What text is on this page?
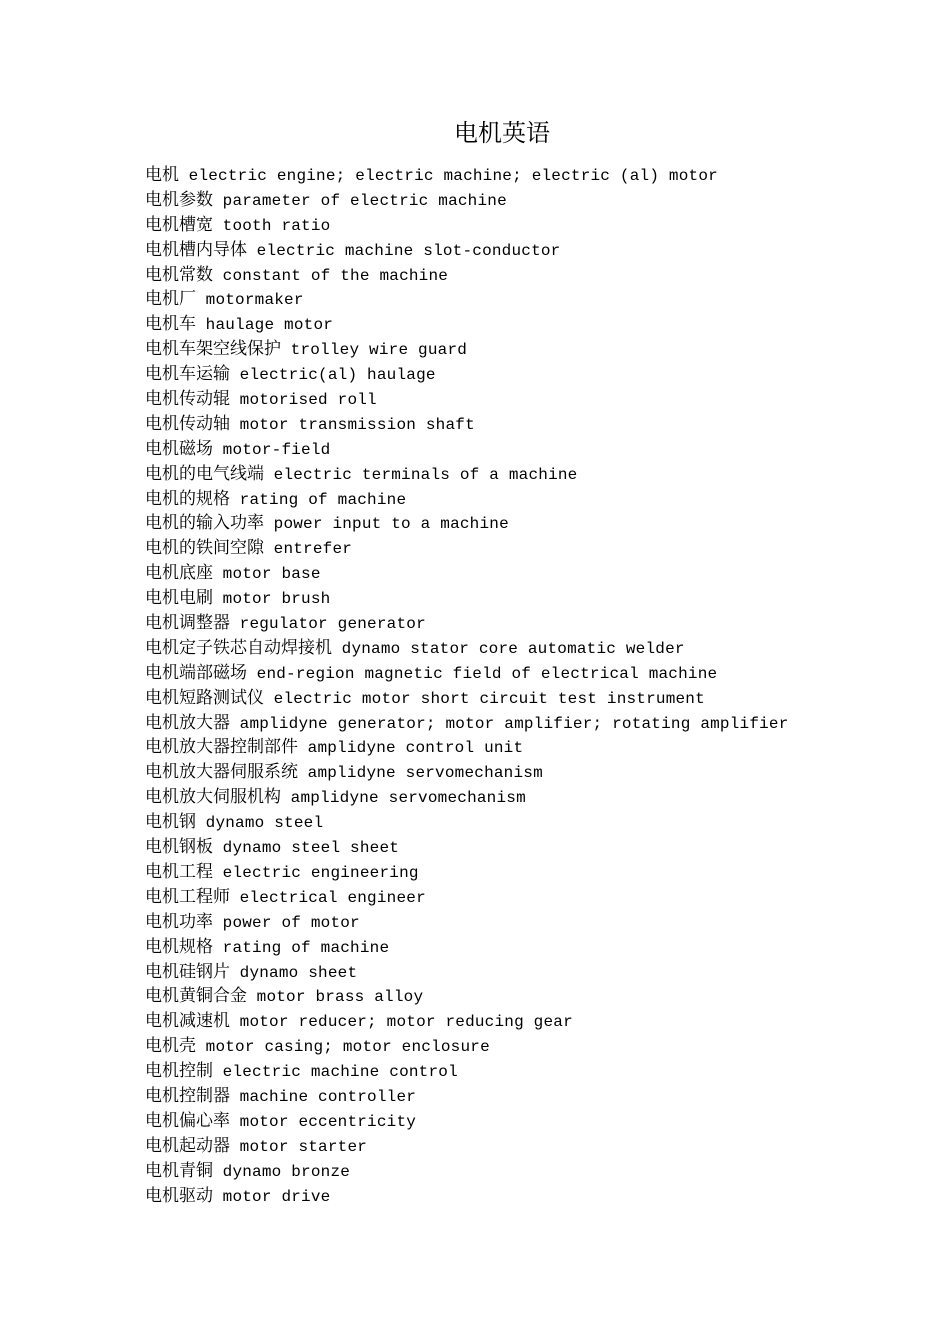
电机英语
电机 electric engine; electric machine; electric (al) motor
电机参数 parameter of electric machine
电机槽宽 tooth ratio
电机槽内导体 electric machine slot-conductor
电机常数 constant of the machine
电机厂 motormaker
电机车 haulage motor
电机车架空线保护 trolley wire guard
电机车运输 electric(al) haulage
电机传动辊 motorised roll
电机传动轴 motor transmission shaft
电机磁场 motor-field
电机的电气线端 electric terminals of a machine
电机的规格 rating of machine
电机的输入功率 power input to a machine
电机的铁间空隙 entrefer
电机底座 motor base
电机电刷 motor brush
电机调整器 regulator generator
电机定子铁芯自动焊接机 dynamo stator core automatic welder
电机端部磁场 end-region magnetic field of electrical machine
电机短路测试仪 electric motor short circuit test instrument
电机放大器 amplidyne generator; motor amplifier; rotating amplifier
电机放大器控制部件 amplidyne control unit
电机放大器伺服系统 amplidyne servomechanism
电机放大伺服机构 amplidyne servomechanism
电机钢 dynamo steel
电机钢板 dynamo steel sheet
电机工程 electric engineering
电机工程师 electrical engineer
电机功率 power of motor
电机规格 rating of machine
电机硅钢片 dynamo sheet
电机黄铜合金 motor brass alloy
电机减速机 motor reducer; motor reducing gear
电机壳 motor casing; motor enclosure
电机控制 electric machine control
电机控制器 machine controller
电机偏心率 motor eccentricity
电机起动器 motor starter
电机青铜 dynamo bronze
电机驱动 motor drive
